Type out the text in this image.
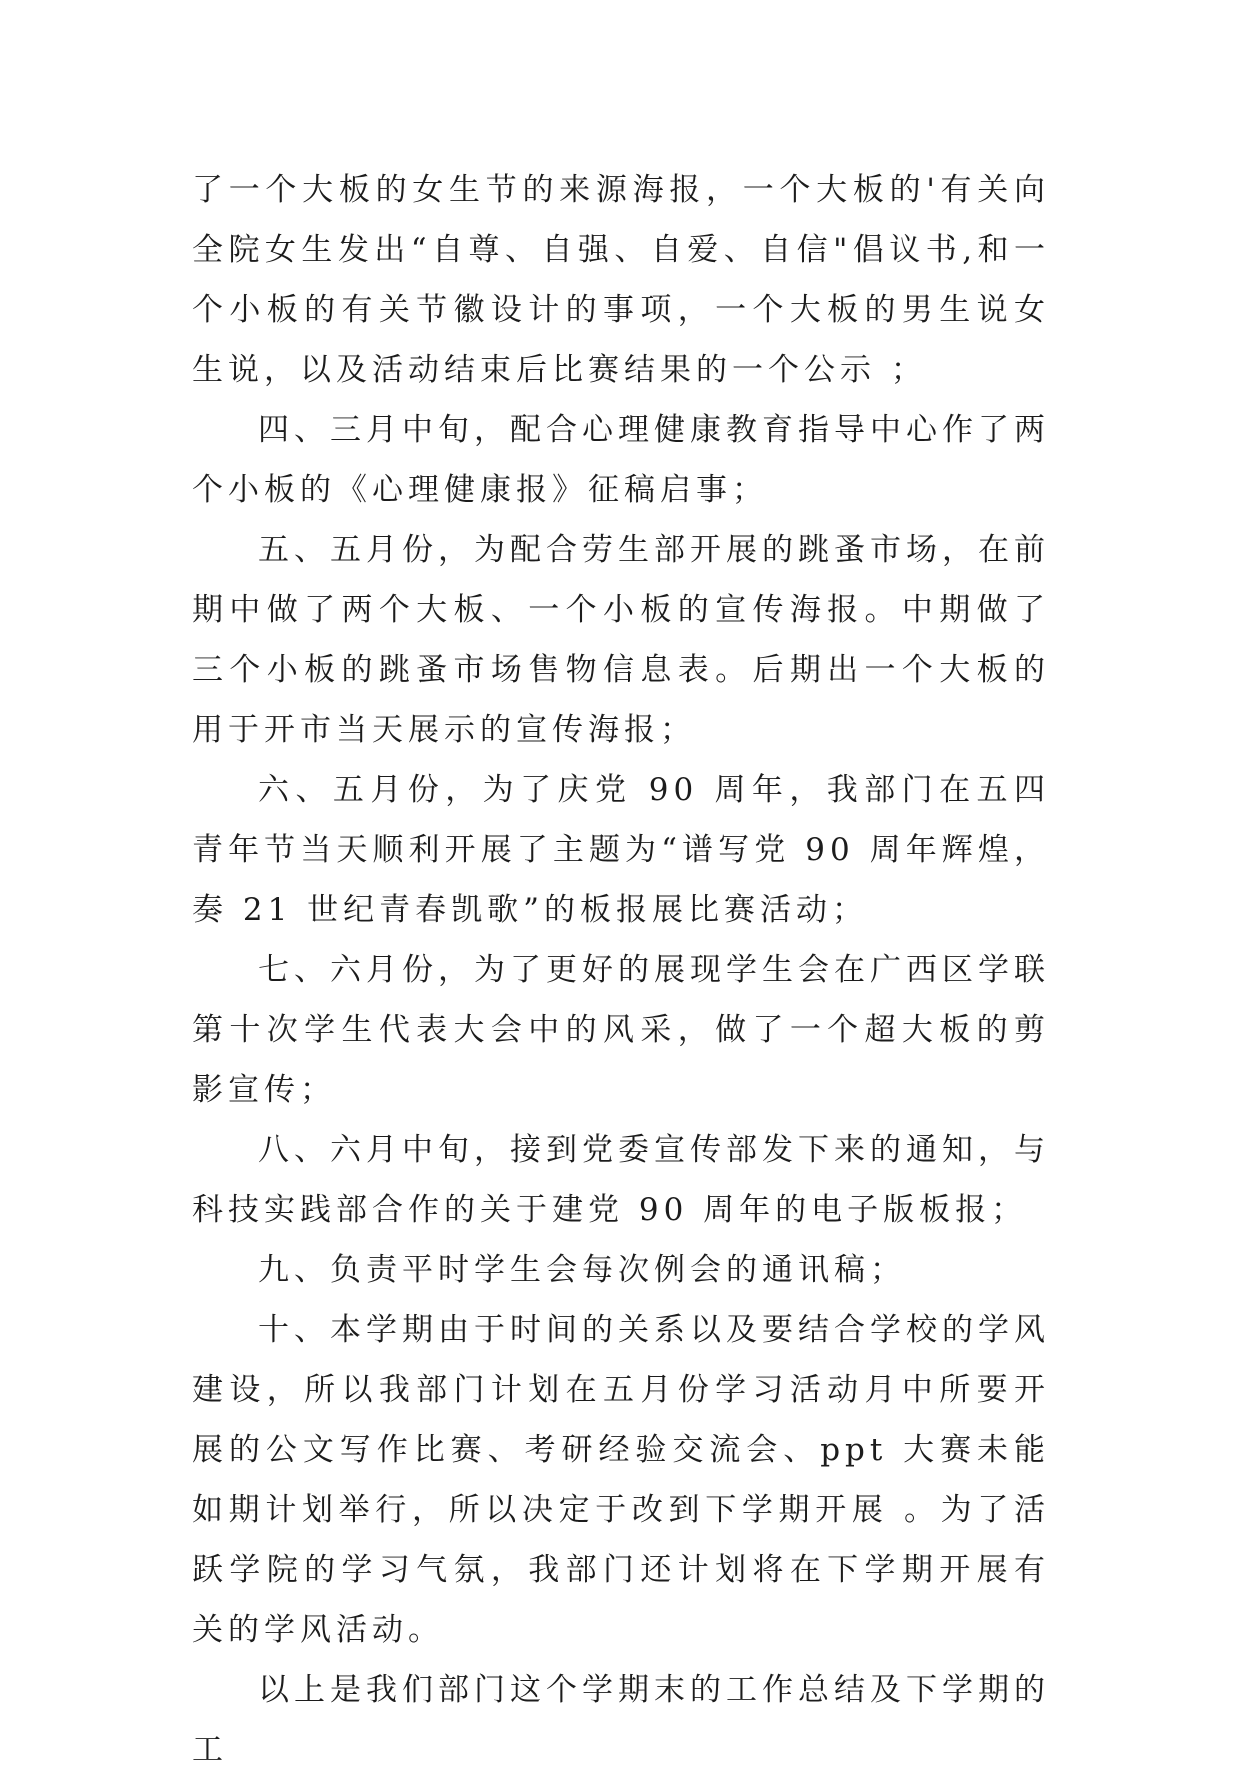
了一个大板的女生节的来源海报，一个大板的'有关向全院女生发出“自尊、自强、自爱、自信"倡议书,和一个小板的有关节徽设计的事项，一个大板的男生说女生说，以及活动结束后比赛结果的一个公示 ；

四、三月中旬，配合心理健康教育指导中心作了两个小板的《心理健康报》征稿启事；

五、五月份，为配合劳生部开展的跳蚤市场，在前期中做了两个大板、一个小板的宣传海报。中期做了三个小板的跳蚤市场售物信息表。后期出一个大板的用于开市当天展示的宣传海报；

六、五月份，为了庆党 90 周年，我部门在五四青年节当天顺利开展了主题为“谱写党 90 周年辉煌，奏 21 世纪青春凯歌”的板报展比赛活动；

七、六月份，为了更好的展现学生会在广西区学联第十次学生代表大会中的风采，做了一个超大板的剪影宣传；

八、六月中旬，接到党委宣传部发下来的通知，与科技实践部合作的关于建党 90 周年的电子版板报；

九、负责平时学生会每次例会的通讯稿；

十、本学期由于时间的关系以及要结合学校的学风建设，所以我部门计划在五月份学习活动月中所要开展的公文写作比赛、考研经验交流会、ppt 大赛未能如期计划举行，所以决定于改到下学期开展 。为了活跃学院的学习气氛，我部门还计划将在下学期开展有关的学风活动。

以上是我们部门这个学期末的工作总结及下学期的工
